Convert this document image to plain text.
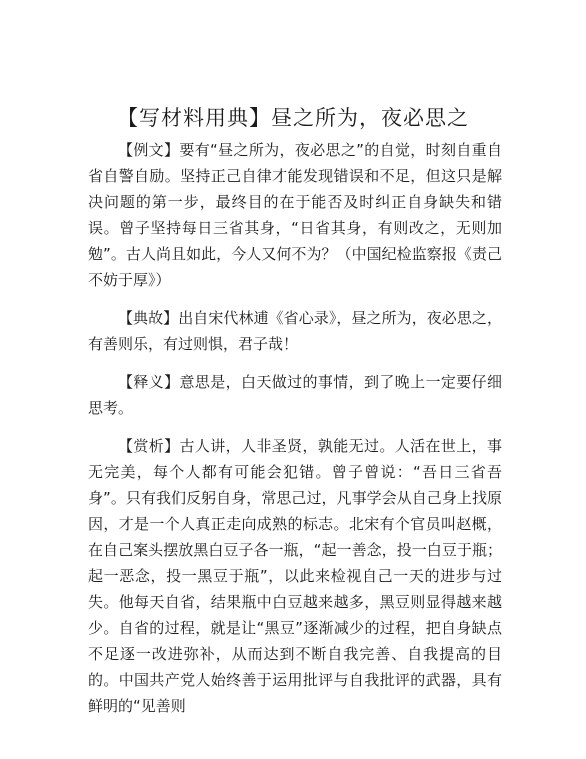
【写材料用典】昼之所为，夜必思之

【例文】要有“昼之所为，夜必思之”的自觉，时刻自重自省自警自励。坚持正己自律才能发现错误和不足，但这只是解决问题的第一步，最终目的在于能否及时纠正自身缺失和错误。曾子坚持每日三省其身，“日省其身，有则改之，无则加勉”。古人尚且如此，今人又何不为？（中国纪检监察报《责己不妨于厚》）

【典故】出自宋代林逋《省心录》，昼之所为，夜必思之，有善则乐，有过则惧，君子哉！

【释义】意思是，白天做过的事情，到了晚上一定要仔细思考。

【赏析】古人讲，人非圣贤，孰能无过。人活在世上，事无完美，每个人都有可能会犯错。曾子曾说：“吾日三省吾身”。只有我们反躬自身，常思己过，凡事学会从自己身上找原因，才是一个人真正走向成熟的标志。北宋有个官员叫赵概，在自己案头摆放黑白豆子各一瓶，“起一善念，投一白豆于瓶；起一恶念，投一黑豆于瓶”，以此来检视自己一天的进步与过失。他每天自省，结果瓶中白豆越来越多，黑豆则显得越来越少。自省的过程，就是让“黑豆”逐渐减少的过程，把自身缺点不足逐一改进弥补，从而达到不断自我完善、自我提高的目的。中国共产党人始终善于运用批评与自我批评的武器，具有鲜明的“见善则
